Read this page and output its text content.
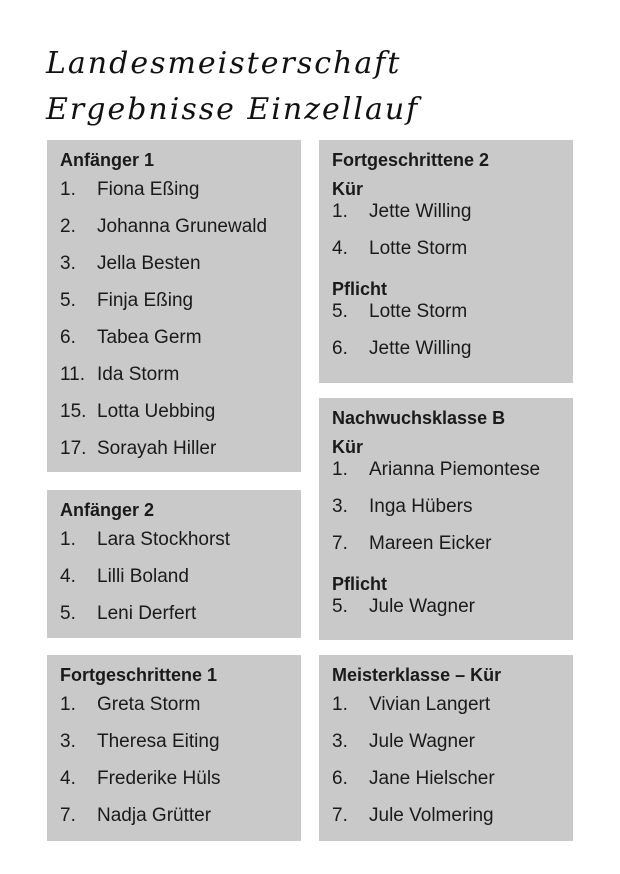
Landesmeisterschaft
Ergebnisse Einzellauf
Anfänger 1
1.	Fiona Eßing
2.	Johanna Grunewald
3.	Jella Besten
5.	Finja Eßing
6.	Tabea Germ
11. Ida Storm
15. Lotta Uebbing
17. Sorayah Hiller
Anfänger 2
1.	Lara Stockhorst
4.	Lilli Boland
5.	Leni Derfert
Fortgeschrittene 1
1.	Greta Storm
3.	Theresa Eiting
4.	Frederike Hüls
7.	Nadja Grütter
Fortgeschrittene 2
Kür
1.	Jette Willing
4.	Lotte Storm
Pflicht
5.	Lotte Storm
6.	Jette Willing
Nachwuchsklasse B
Kür
1.	Arianna Piemontese
3.	Inga Hübers
7.	Mareen Eicker
Pflicht
5.	Jule Wagner
Meisterklasse – Kür
1.	Vivian Langert
3.	Jule Wagner
6.	Jane Hielscher
7.	Jule Volmering
